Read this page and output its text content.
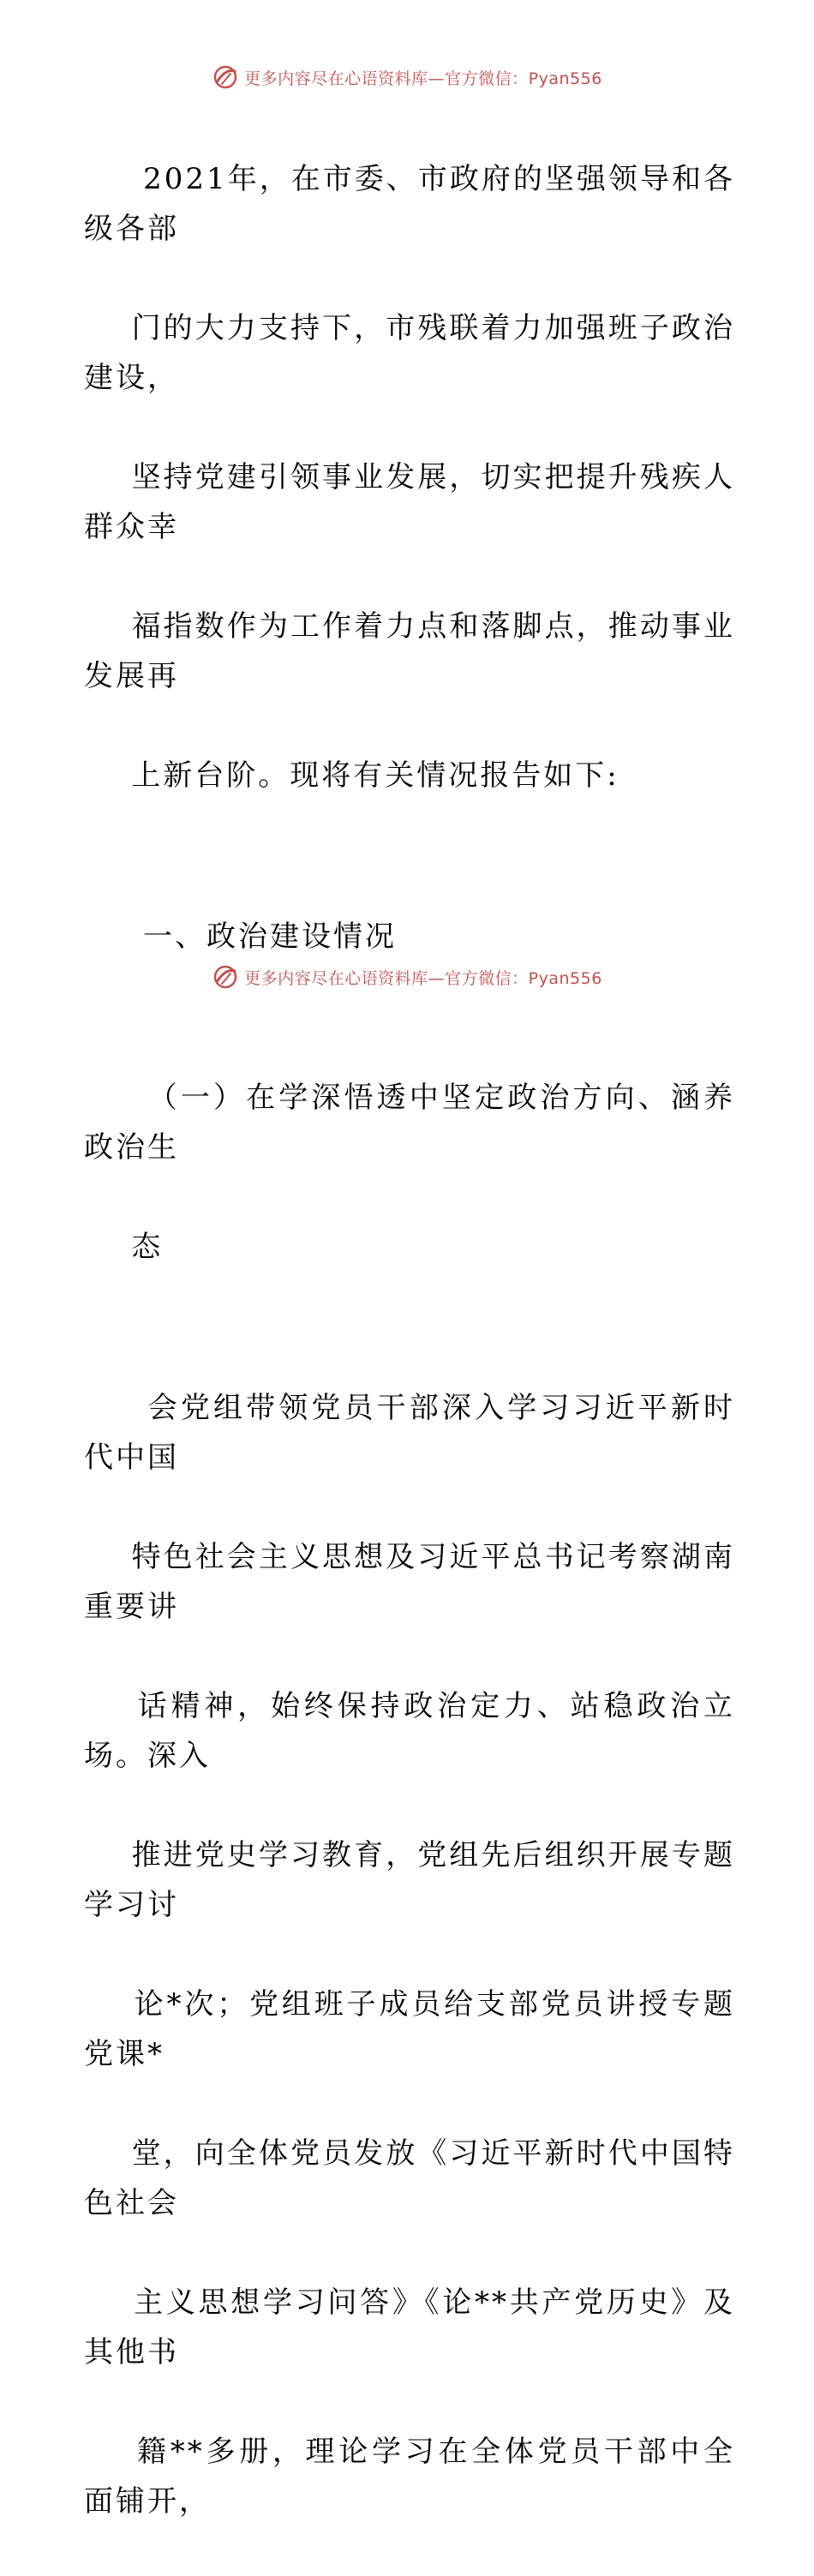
更多内容尽在心语资料库—官方微信：Pyan556

2021年，在市委、市政府的坚强领导和各级各部

门的大力支持下，市残联着力加强班子政治建设，

坚持党建引领事业发展，切实把提升残疾人群众幸

福指数作为工作着力点和落脚点，推动事业发展再

上新台阶。现将有关情况报告如下:

一、政治建设情况

（一）在学深悟透中坚定政治方向、涵养政治生

态

会党组带领党员干部深入学习习近平新时代中国

特色社会主义思想及习近平总书记考察湖南重要讲

话精神，始终保持政治定力、站稳政治立场。深入

推进党史学习教育，党组先后组织开展专题学习讨

论*次；党组班子成员给支部党员讲授专题党课*

堂，向全体党员发放《习近平新时代中国特色社会

主义思想学习问答》《论**共产党历史》及其他书

籍**多册，理论学习在全体党员干部中全面铺开，

更多内容尽在心语资料库—官方微信：Pyan556
